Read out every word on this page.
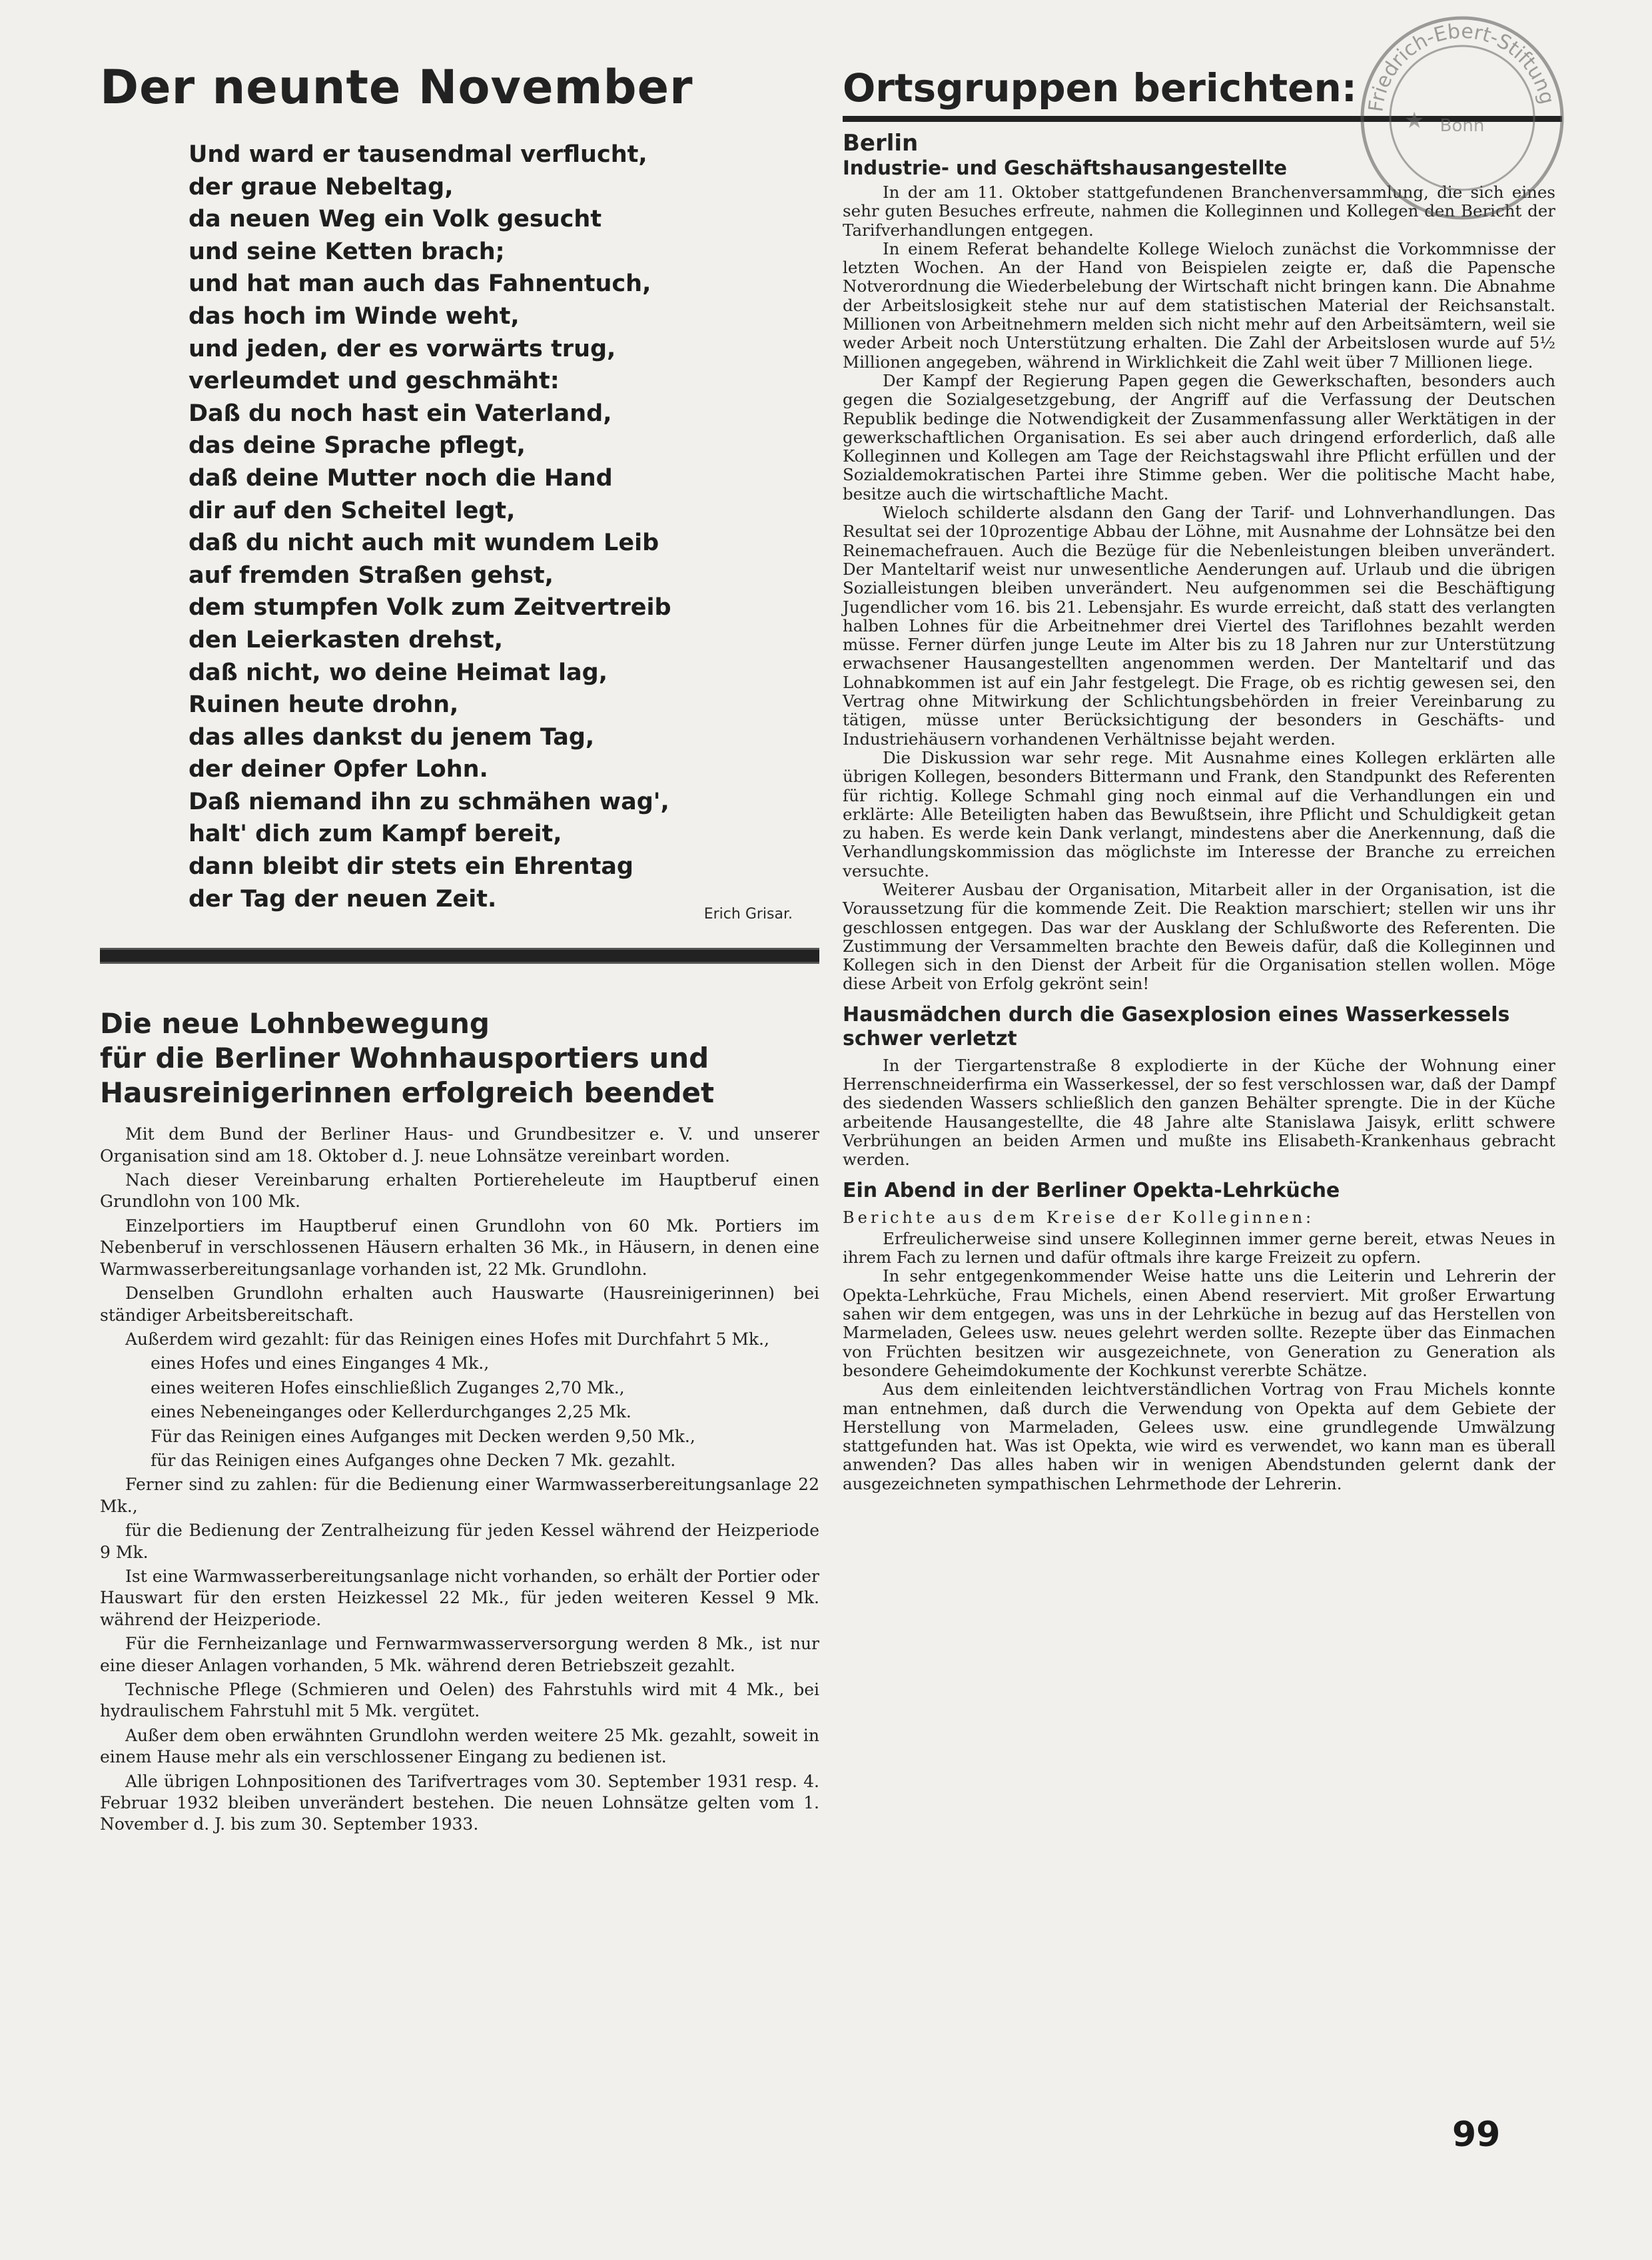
Der neunte November
Und ward er tausendmal verflucht,
der graue Nebeltag,
da neuen Weg ein Volk gesucht
und seine Ketten brach;
und hat man auch das Fahnentuch,
das hoch im Winde weht,
und jeden, der es vorwärts trug,
verleumdet und geschmäht:
Daß du noch hast ein Vaterland,
das deine Sprache pflegt,
daß deine Mutter noch die Hand
dir auf den Scheitel legt,
daß du nicht auch mit wundem Leib
auf fremden Straßen gehst,
dem stumpfen Volk zum Zeitvertreib
den Leierkasten drehst,
daß nicht, wo deine Heimat lag,
Ruinen heute drohn,
das alles dankst du jenem Tag,
der deiner Opfer Lohn.
Daß niemand ihn zu schmähen wag',
halt' dich zum Kampf bereit,
dann bleibt dir stets ein Ehrentag
der Tag der neuen Zeit.
Erich Grisar.
Die neue Lohnbewegung
für die Berliner Wohnhausportiers und
Hausreinigerinnen erfolgreich beendet

Mit dem Bund der Berliner Haus- und Grundbesitzer e. V. und unserer Organisation sind am 18. Oktober d. J. neue Lohnsätze vereinbart worden.

Nach dieser Vereinbarung erhalten Portiereheleute im Hauptberuf einen Grundlohn von 100 Mk.

Einzelportiers im Hauptberuf einen Grundlohn von 60 Mk. Portiers im Nebenberuf in verschlossenen Häusern erhalten 36 Mk., in Häusern, in denen eine Warmwasserbereitungsanlage vorhanden ist, 22 Mk. Grundlohn.

Denselben Grundlohn erhalten auch Hauswarte (Hausreinigerinnen) bei ständiger Arbeitsbereitschaft.

Außerdem wird gezahlt: für das Reinigen eines Hofes mit Durchfahrt 5 Mk.,

eines Hofes und eines Einganges 4 Mk.,

eines weiteren Hofes einschließlich Zuganges 2,70 Mk.,

eines Nebeneinganges oder Kellerdurchganges 2,25 Mk.

Für das Reinigen eines Aufganges mit Decken werden 9,50 Mk.,

für das Reinigen eines Aufganges ohne Decken 7 Mk. gezahlt.

Ferner sind zu zahlen: für die Bedienung einer Warmwasserbereitungsanlage 22 Mk.,

für die Bedienung der Zentralheizung für jeden Kessel während der Heizperiode 9 Mk.

Ist eine Warmwasserbereitungsanlage nicht vorhanden, so erhält der Portier oder Hauswart für den ersten Heizkessel 22 Mk., für jeden weiteren Kessel 9 Mk. während der Heizperiode.

Für die Fernheizanlage und Fernwarmwasserversorgung werden 8 Mk., ist nur eine dieser Anlagen vorhanden, 5 Mk. während deren Betriebszeit gezahlt.

Technische Pflege (Schmieren und Oelen) des Fahrstuhls wird mit 4 Mk., bei hydraulischem Fahrstuhl mit 5 Mk. vergütet.

Außer dem oben erwähnten Grundlohn werden weitere 25 Mk. gezahlt, soweit in einem Hause mehr als ein verschlossener Eingang zu bedienen ist.

Alle übrigen Lohnpositionen des Tarifvertrages vom 30. September 1931 resp. 4. Februar 1932 bleiben unverändert bestehen. Die neuen Lohnsätze gelten vom 1. November d. J. bis zum 30. September 1933.

Ortsgruppen berichten:
Berlin
Industrie- und Geschäftshausangestellte

In der am 11. Oktober stattgefundenen Branchenversammlung, die sich eines sehr guten Besuches erfreute, nahmen die Kolleginnen und Kollegen den Bericht der Tarifverhandlungen entgegen.

In einem Referat behandelte Kollege Wieloch zunächst die Vorkommnisse der letzten Wochen. An der Hand von Beispielen zeigte er, daß die Papensche Notverordnung die Wiederbelebung der Wirtschaft nicht bringen kann. Die Abnahme der Arbeitslosigkeit stehe nur auf dem statistischen Material der Reichsanstalt. Millionen von Arbeitnehmern melden sich nicht mehr auf den Arbeitsämtern, weil sie weder Arbeit noch Unterstützung erhalten. Die Zahl der Arbeitslosen wurde auf 5½ Millionen angegeben, während in Wirklichkeit die Zahl weit über 7 Millionen liege.

Der Kampf der Regierung Papen gegen die Gewerkschaften, besonders auch gegen die Sozialgesetzgebung, der Angriff auf die Verfassung der Deutschen Republik bedinge die Notwendigkeit der Zusammenfassung aller Werktätigen in der gewerkschaftlichen Organisation. Es sei aber auch dringend erforderlich, daß alle Kolleginnen und Kollegen am Tage der Reichstagswahl ihre Pflicht erfüllen und der Sozialdemokratischen Partei ihre Stimme geben. Wer die politische Macht habe, besitze auch die wirtschaftliche Macht.

Wieloch schilderte alsdann den Gang der Tarif- und Lohnverhandlungen. Das Resultat sei der 10prozentige Abbau der Löhne, mit Ausnahme der Lohnsätze bei den Reinemachefrauen. Auch die Bezüge für die Nebenleistungen bleiben unverändert. Der Manteltarif weist nur unwesentliche Aenderungen auf. Urlaub und die übrigen Sozialleistungen bleiben unverändert. Neu aufgenommen sei die Beschäftigung Jugendlicher vom 16. bis 21. Lebensjahr. Es wurde erreicht, daß statt des verlangten halben Lohnes für die Arbeitnehmer drei Viertel des Tariflohnes bezahlt werden müsse. Ferner dürfen junge Leute im Alter bis zu 18 Jahren nur zur Unterstützung erwachsener Hausangestellten angenommen werden. Der Manteltarif und das Lohnabkommen ist auf ein Jahr festgelegt. Die Frage, ob es richtig gewesen sei, den Vertrag ohne Mitwirkung der Schlichtungsbehörden in freier Vereinbarung zu tätigen, müsse unter Berücksichtigung der besonders in Geschäfts- und Industriehäusern vorhandenen Verhältnisse bejaht werden.

Die Diskussion war sehr rege. Mit Ausnahme eines Kollegen erklärten alle übrigen Kollegen, besonders Bittermann und Frank, den Standpunkt des Referenten für richtig. Kollege Schmahl ging noch einmal auf die Verhandlungen ein und erklärte: Alle Beteiligten haben das Bewußtsein, ihre Pflicht und Schuldigkeit getan zu haben. Es werde kein Dank verlangt, mindestens aber die Anerkennung, daß die Verhandlungskommission das möglichste im Interesse der Branche zu erreichen versuchte.

Weiterer Ausbau der Organisation, Mitarbeit aller in der Organisation, ist die Voraussetzung für die kommende Zeit. Die Reaktion marschiert; stellen wir uns ihr geschlossen entgegen. Das war der Ausklang der Schlußworte des Referenten. Die Zustimmung der Versammelten brachte den Beweis dafür, daß die Kolleginnen und Kollegen sich in den Dienst der Arbeit für die Organisation stellen wollen. Möge diese Arbeit von Erfolg gekrönt sein!

Hausmädchen durch die Gasexplosion eines Wasserkessels schwer verletzt

In der Tiergartenstraße 8 explodierte in der Küche der Wohnung einer Herrenschneiderfirma ein Wasserkessel, der so fest verschlossen war, daß der Dampf des siedenden Wassers schließlich den ganzen Behälter sprengte. Die in der Küche arbeitende Hausangestellte, die 48 Jahre alte Stanislawa Jaisyk, erlitt schwere Verbrühungen an beiden Armen und mußte ins Elisabeth-Krankenhaus gebracht werden.

Ein Abend in der Berliner Opekta-Lehrküche
Berichte aus dem Kreise der Kolleginnen:

Erfreulicherweise sind unsere Kolleginnen immer gerne bereit, etwas Neues in ihrem Fach zu lernen und dafür oftmals ihre karge Freizeit zu opfern.

In sehr entgegenkommender Weise hatte uns die Leiterin und Lehrerin der Opekta-Lehrküche, Frau Michels, einen Abend reserviert. Mit großer Erwartung sahen wir dem entgegen, was uns in der Lehrküche in bezug auf das Herstellen von Marmeladen, Gelees usw. neues gelehrt werden sollte. Rezepte über das Einmachen von Früchten besitzen wir ausgezeichnete, von Generation zu Generation als besondere Geheimdokumente der Kochkunst vererbte Schätze.

Aus dem einleitenden leichtverständlichen Vortrag von Frau Michels konnte man entnehmen, daß durch die Verwendung von Opekta auf dem Gebiete der Herstellung von Marmeladen, Gelees usw. eine grundlegende Umwälzung stattgefunden hat. Was ist Opekta, wie wird es verwendet, wo kann man es überall anwenden? Das alles haben wir in wenigen Abendstunden gelernt dank der ausgezeichneten sympathischen Lehrmethode der Lehrerin.

Friedrich-Ebert-Stiftung
Bonn
★
99
